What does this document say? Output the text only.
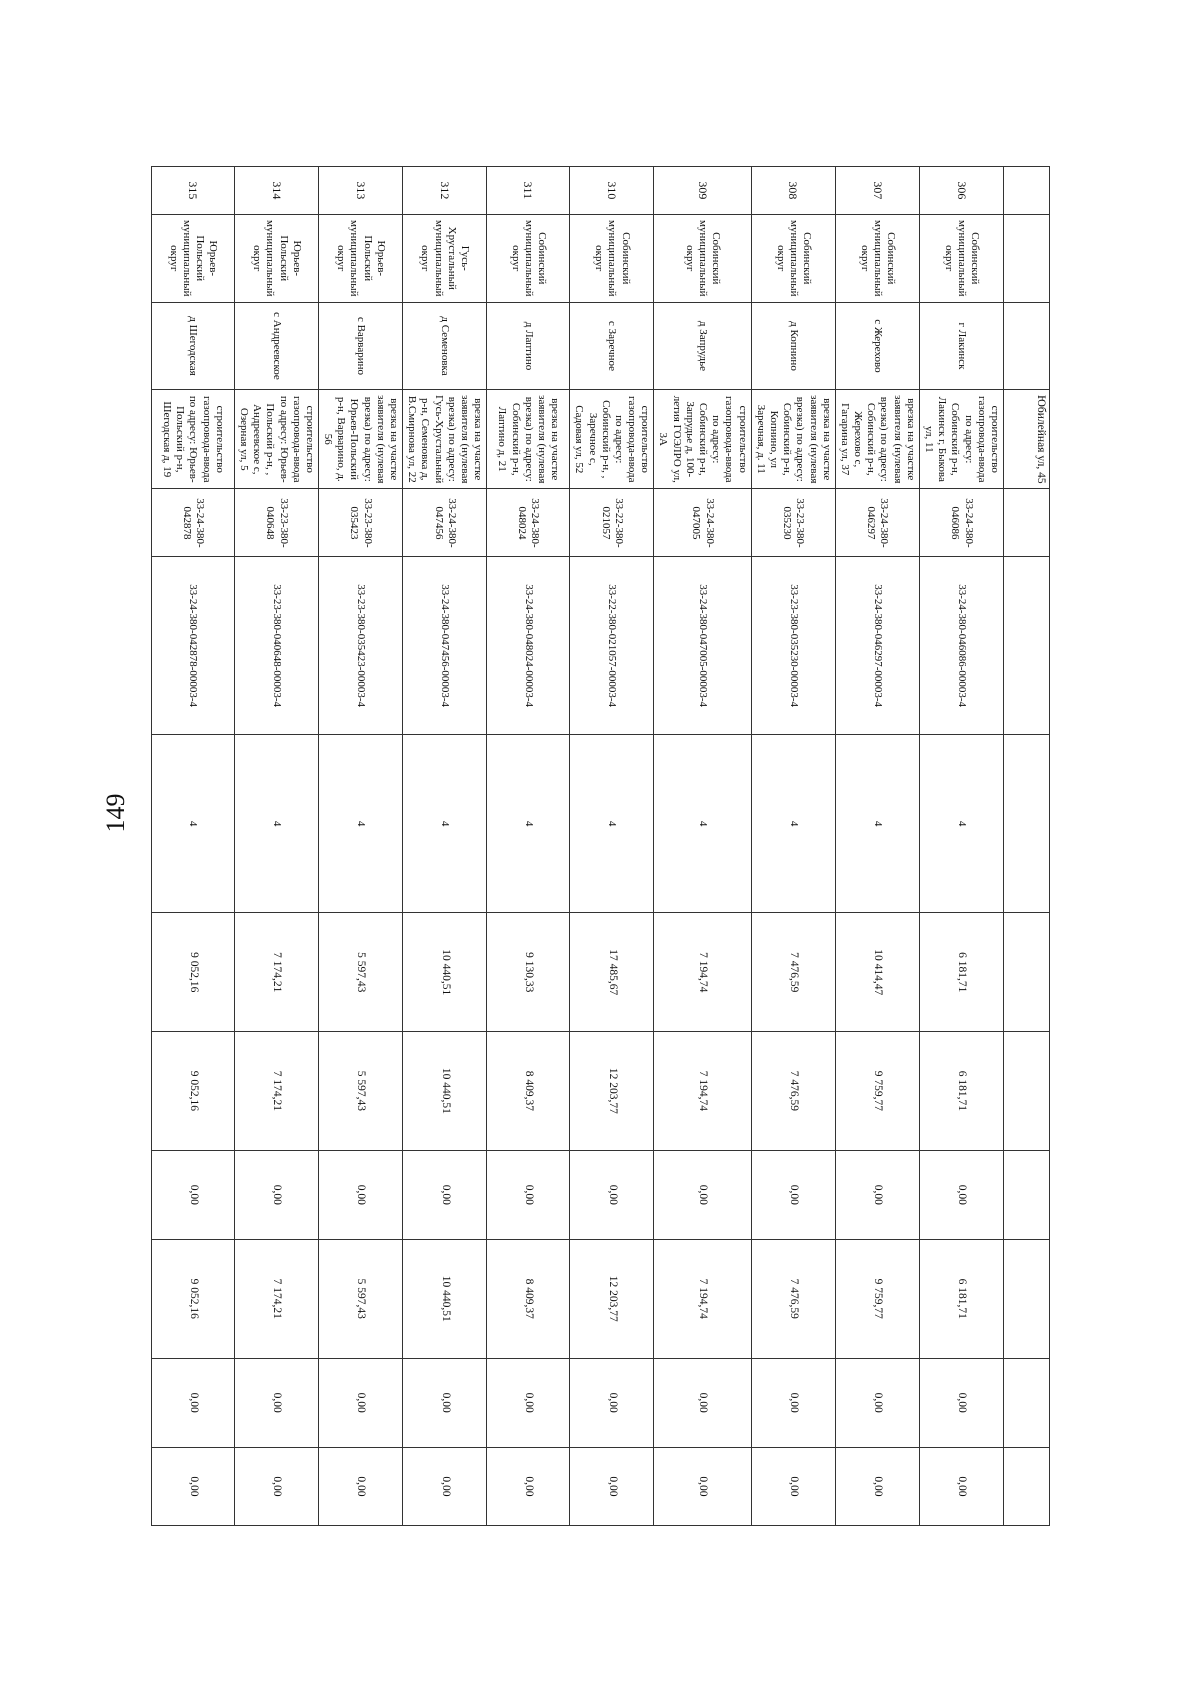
149
			Юбилейная ул, 45									
306	Собинский муниципальный округ	г Лакинск	строительство газопровода-ввода по адресу: Собинский р-н, Лакинск г, Быкова ул, 11	33-24-380-046086	33-24-380-046086-00003-4	4	6 181,71	6 181,71	0,00	6 181,71	0,00	0,00
307	Собинский муниципальный округ	с Жерехово	врезка на участке заявителя (нулевая врезка) по адресу: Собинский р-н, Жерехово с, Гагарина ул, 37	33-24-380-046297	33-24-380-046297-00003-4	4	10 414,47	9 759,77	0,00	9 759,77	0,00	0,00
308	Собинский муниципальный округ	д Копнино	врезка на участке заявителя (нулевая врезка) по адресу: Собинский р-н, Копнино, ул Заречная, д. 11	33-23-380-035230	33-23-380-035230-00003-4	4	7 476,59	7 476,59	0,00	7 476,59	0,00	0,00
309	Собинский муниципальный округ	д Запрудье	строительство газопровода-ввода по адресу: Собинский р-н, Запрудье д, 100-летия ГОЭЛРО ул, 3А	33-24-380-047005	33-24-380-047005-00003-4	4	7 194,74	7 194,74	0,00	7 194,74	0,00	0,00
310	Собинский муниципальный округ	с Заречное	строительство газопровода-ввода по адресу: Собинский р-н, , Заречное с, Садовая ул, 52	33-22-380-021057	33-22-380-021057-00003-4	4	17 485,67	12 203,77	0,00	12 203,77	0,00	0,00
311	Собинский муниципальный округ	д Лаптино	врезка на участке заявителя (нулевая врезка) по адресу: Собинский р-н, Лаптино д, 21	33-24-380-048024	33-24-380-048024-00003-4	4	9 130,33	8 409,37	0,00	8 409,37	0,00	0,00
312	Гусь-Хрустальный муниципальный округ	д Семеновка	врезка на участке заявителя (нулевая врезка) по адресу: Гусь-Хрустальный р-н, Семеновка д, В.Смирнова ул, 22	33-24-380-047456	33-24-380-047456-00003-4	4	10 440,51	10 440,51	0,00	10 440,51	0,00	0,00
313	Юрьев-Польский муниципальный округ	с Варварино	врезка на участке заявителя (нулевая врезка) по адресу: Юрьев-Польский р-н, Варварино, д. 56	33-23-380-035423	33-23-380-035423-00003-4	4	5 597,43	5 597,43	0,00	5 597,43	0,00	0,00
314	Юрьев-Польский муниципальный округ	с Андреевское	строительство газопровода-ввода по адресу: Юрьев-Польский р-н, , Андреевское с, Озерная ул, 5	33-23-380-040648	33-23-380-040648-00003-4	4	7 174,21	7 174,21	0,00	7 174,21	0,00	0,00
315	Юрьев-Польский муниципальный округ	д Шегодская	строительство газопровода-ввода по адресу: Юрьев-Польский р-н, Шегодская д, 19	33-24-380-042878	33-24-380-042878-00003-4	4	9 052,16	9 052,16	0,00	9 052,16	0,00	0,00
